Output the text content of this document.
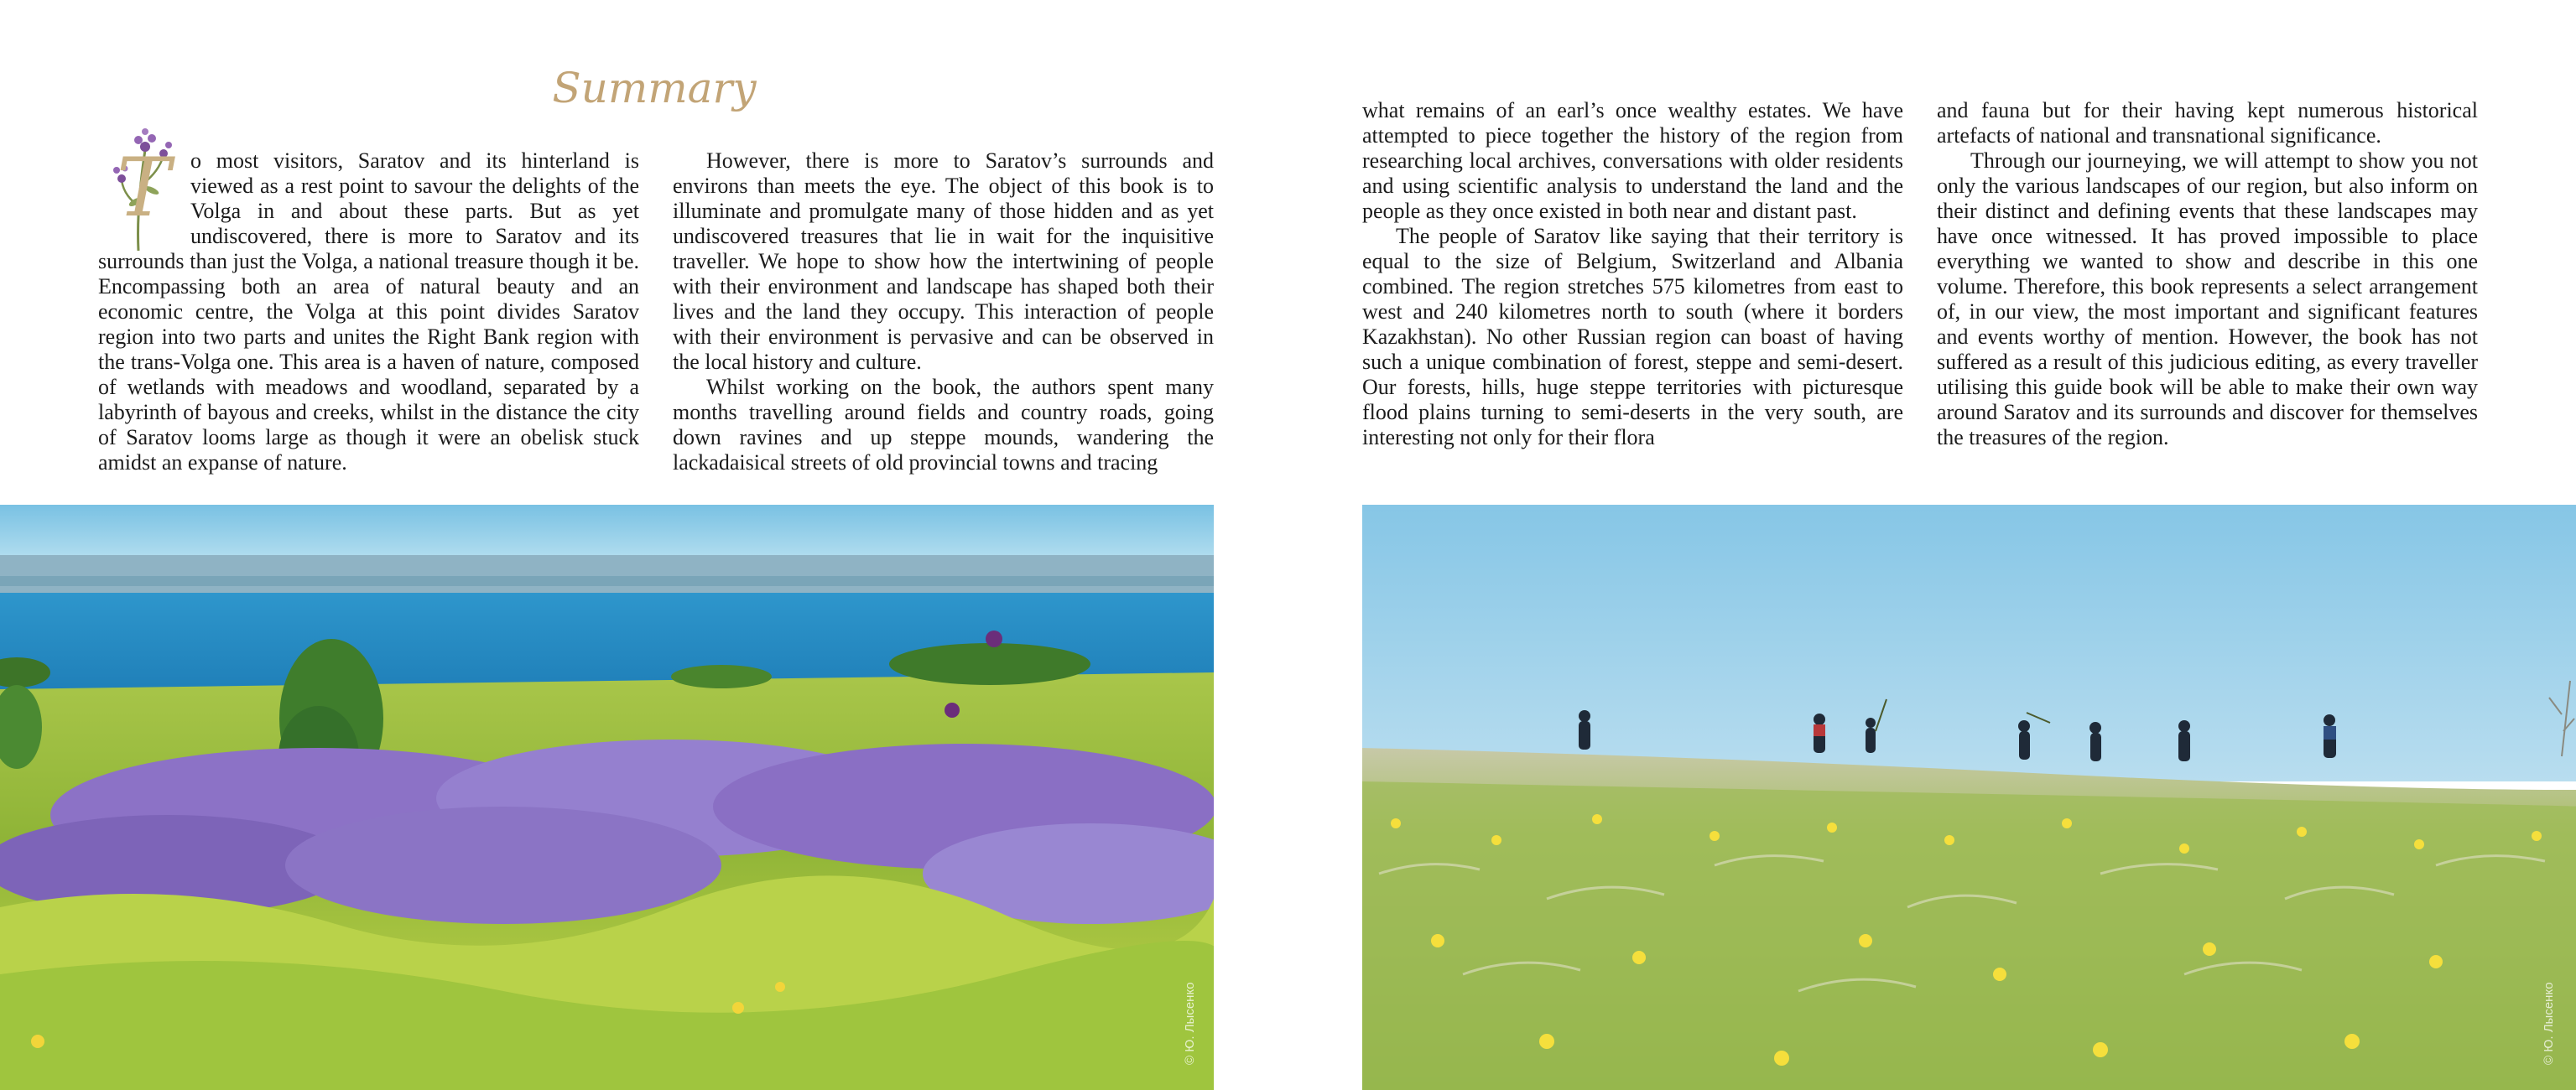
Summary

T o most visitors, Saratov and its hinterland is viewed as a rest point to savour the delights of the Volga in and about these parts. But as yet undiscovered, there is more to Saratov and its surrounds than just the Volga, a national treasure though it be. Encompassing both an area of natural beauty and an economic centre, the Volga at this point divides Saratov region into two parts and unites the Right Bank region with the trans-Volga one. This area is a haven of nature, composed of wetlands with meadows and woodland, separated by a labyrinth of bayous and creeks, whilst in the distance the city of Saratov looms large as though it were an obelisk stuck amidst an expanse of nature.

However, there is more to Saratov’s surrounds and environs than meets the eye. The object of this book is to illuminate and promulgate many of those hidden and as yet undiscovered treasures that lie in wait for the inquisitive traveller. We hope to show how the intertwining of people with their environment and landscape has shaped both their lives and the land they occupy. This interaction of people with their environment is pervasive and can be observed in the local history and culture.

Whilst working on the book, the authors spent many months travelling around fields and country roads, going down ravines and up steppe mounds, wandering the lackadaisical streets of old provincial towns and tracing

what remains of an earl’s once wealthy estates. We have attempted to piece together the history of the region from researching local archives, conversations with older residents and using scientific analysis to understand the land and the people as they once existed in both near and distant past.

The people of Saratov like saying that their territory is equal to the size of Belgium, Switzerland and Albania combined. The region stretches 575 kilometres from east to west and 240 kilometres north to south (where it borders Kazakhstan). No other Russian region can boast of having such a unique combination of forest, steppe and semi-desert. Our forests, hills, huge steppe territories with picturesque flood plains turning to semi-deserts in the very south, are interesting not only for their flora

and fauna but for their having kept numerous historical artefacts of national and transnational significance.

Through our journeying, we will attempt to show you not only the various landscapes of our region, but also inform on their distinct and defining events that these landscapes may have once witnessed. It has proved impossible to place everything we wanted to show and describe in this one volume. Therefore, this book represents a select arrangement of, in our view, the most important and significant features and events worthy of mention. However, the book has not suffered as a result of this judicious editing, as every traveller utilising this guide book will be able to make their own way around Saratov and its surrounds and discover for themselves the treasures of the region.

© Ю. Лысенко	© Ю. Лысенко
